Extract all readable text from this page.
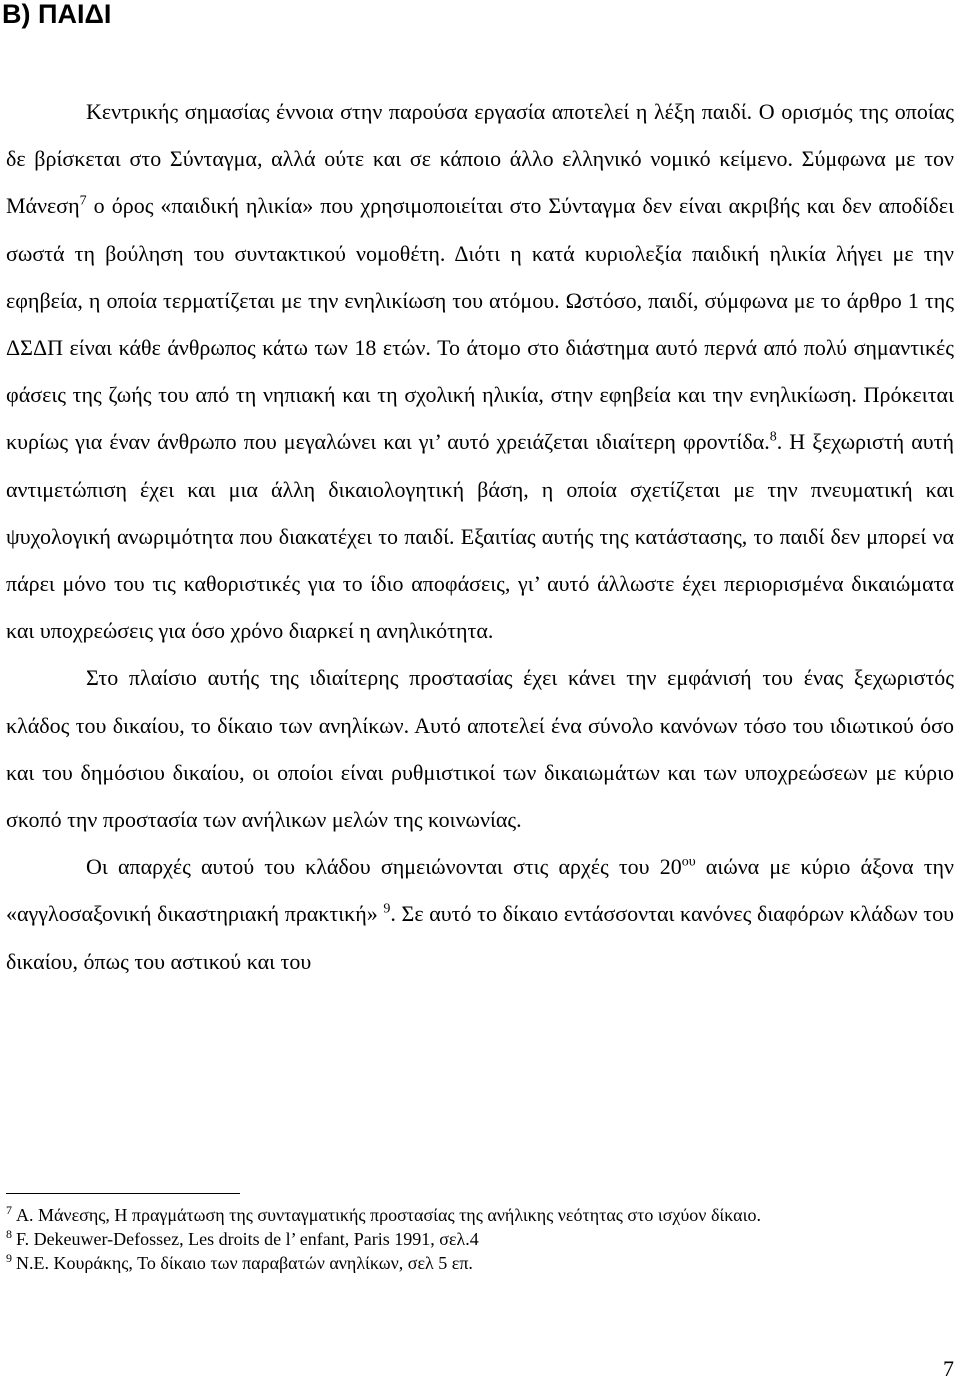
Β) ΠΑΙΔΙ

Κεντρικής σημασίας έννοια στην παρούσα εργασία αποτελεί η λέξη παιδί. Ο ορισμός της οποίας δε βρίσκεται στο Σύνταγμα, αλλά ούτε και σε κάποιο άλλο ελληνικό νομικό κείμενο. Σύμφωνα με τον Μάνεση$^7$ ο όρος «παιδική ηλικία» που χρησιμοποιείται στο Σύνταγμα δεν είναι ακριβής και δεν αποδίδει σωστά τη βούληση του συντακτικού νομοθέτη. Διότι η κατά κυριολεξία παιδική ηλικία λήγει με την εφηβεία, η οποία τερματίζεται με την ενηλικίωση του ατόμου. Ωστόσο, παιδί, σύμφωνα με το άρθρο 1 της ΔΣΔΠ είναι κάθε άνθρωπος κάτω των 18 ετών. Το άτομο στο διάστημα αυτό περνά από πολύ σημαντικές φάσεις της ζωής του από τη νηπιακή και τη σχολική ηλικία, στην εφηβεία και την ενηλικίωση. Πρόκειται κυρίως για έναν άνθρωπο που μεγαλώνει και γι’ αυτό χρειάζεται ιδιαίτερη φροντίδα.$^8$. Η ξεχωριστή αυτή αντιμετώπιση έχει και μια άλλη δικαιολογητική βάση, η οποία σχετίζεται με την πνευματική και ψυχολογική ανωριμότητα που διακατέχει το παιδί. Εξαιτίας αυτής της κατάστασης, το παιδί δεν μπορεί να πάρει μόνο του τις καθοριστικές για το ίδιο αποφάσεις, γι’ αυτό άλλωστε έχει περιορισμένα δικαιώματα και υποχρεώσεις για όσο χρόνο διαρκεί η ανηλικότητα.

Στο πλαίσιο αυτής της ιδιαίτερης προστασίας έχει κάνει την εμφάνισή του ένας ξεχωριστός κλάδος του δικαίου, το δίκαιο των ανηλίκων. Αυτό αποτελεί ένα σύνολο κανόνων τόσο του ιδιωτικού όσο και του δημόσιου δικαίου, οι οποίοι είναι ρυθμιστικοί των δικαιωμάτων και των υποχρεώσεων με κύριο σκοπό την προστασία των ανήλικων μελών της κοινωνίας.

Οι απαρχές αυτού του κλάδου σημειώνονται στις αρχές του $20^{o\upsilon}$ αιώνα με κύριο άξονα την «αγγλοσαξονική δικαστηριακή πρακτική» $^9$. Σε αυτό το δίκαιο εντάσσονται κανόνες διαφόρων κλάδων του δικαίου, όπως του αστικού και του

$^7$ Α. Μάνεσης, Η πραγμάτωση της συνταγματικής προστασίας της ανήλικης νεότητας στο ισχύον δίκαιο.

$^8$ F. Dekeuwer-Defossez, Les droits de l’ enfant, Paris 1991, σελ.4

$^9$ Ν.Ε. Κουράκης, Το δίκαιο των παραβατών ανηλίκων, σελ 5 επ.

7
